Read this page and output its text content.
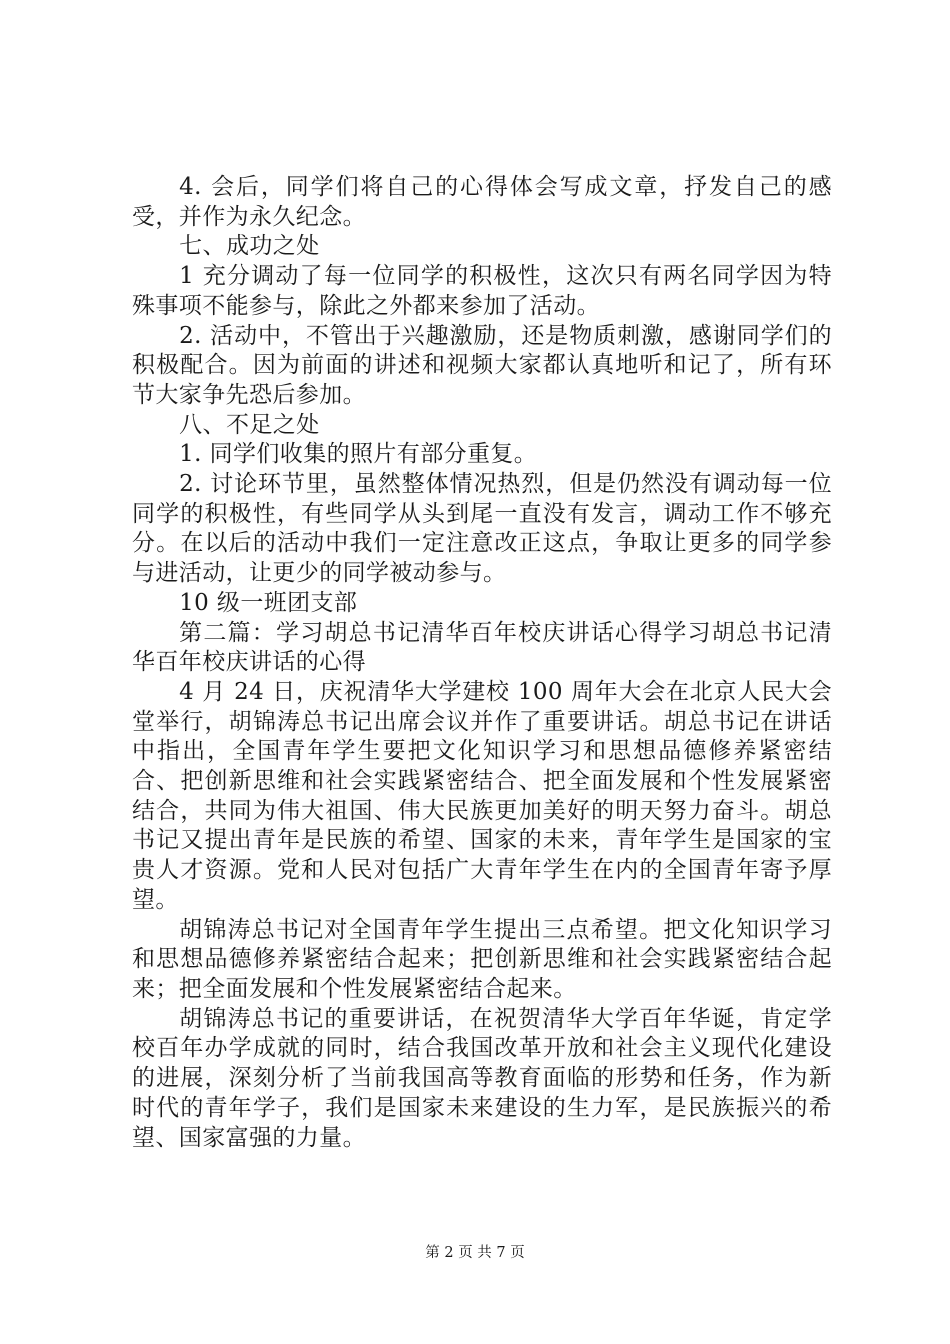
4. 会后，同学们将自己的心得体会写成文章，抒发自己的感受，并作为永久纪念。

七、成功之处

1 充分调动了每一位同学的积极性，这次只有两名同学因为特殊事项不能参与，除此之外都来参加了活动。

2. 活动中，不管出于兴趣激励，还是物质刺激，感谢同学们的积极配合。因为前面的讲述和视频大家都认真地听和记了，所有环节大家争先恐后参加。

八、不足之处

1. 同学们收集的照片有部分重复。

2. 讨论环节里，虽然整体情况热烈，但是仍然没有调动每一位同学的积极性，有些同学从头到尾一直没有发言，调动工作不够充分。在以后的活动中我们一定注意改正这点，争取让更多的同学参与进活动，让更少的同学被动参与。

10 级一班团支部

第二篇：学习胡总书记清华百年校庆讲话心得学习胡总书记清华百年校庆讲话的心得

4 月 24 日，庆祝清华大学建校 100 周年大会在北京人民大会堂举行，胡锦涛总书记出席会议并作了重要讲话。胡总书记在讲话中指出，全国青年学生要把文化知识学习和思想品德修养紧密结合、把创新思维和社会实践紧密结合、把全面发展和个性发展紧密结合，共同为伟大祖国、伟大民族更加美好的明天努力奋斗。胡总书记又提出青年是民族的希望、国家的未来，青年学生是国家的宝贵人才资源。党和人民对包括广大青年学生在内的全国青年寄予厚望。

胡锦涛总书记对全国青年学生提出三点希望。把文化知识学习和思想品德修养紧密结合起来；把创新思维和社会实践紧密结合起来；把全面发展和个性发展紧密结合起来。

胡锦涛总书记的重要讲话，在祝贺清华大学百年华诞，肯定学校百年办学成就的同时，结合我国改革开放和社会主义现代化建设的进展，深刻分析了当前我国高等教育面临的形势和任务，作为新时代的青年学子，我们是国家未来建设的生力军，是民族振兴的希望、国家富强的力量。

第 2 页 共 7 页
